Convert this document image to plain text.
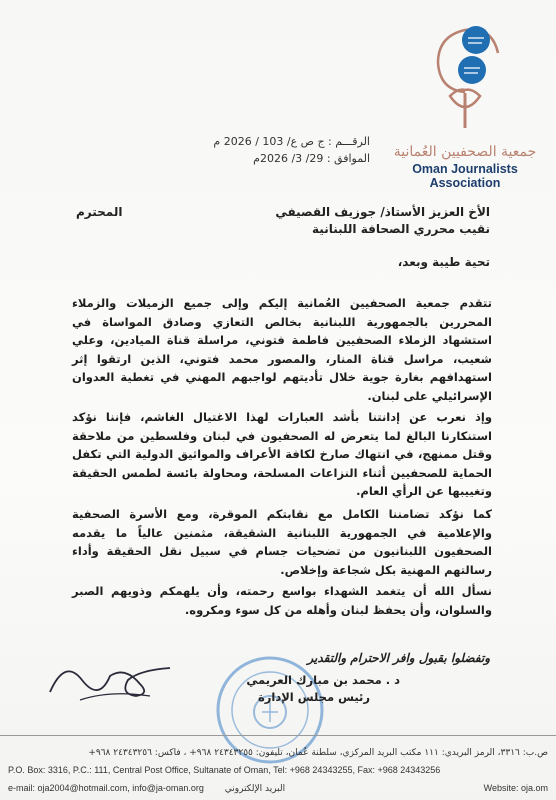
جمعية الصحفيين العُمانية
Oman Journalists Association
الرقـــم : ج ص ع/ 103 / 2026 م
الموافق : 29/ 3/ 2026م
الأخ العزيز الأستاذ/ جوزيف القصيفي
نقيب محرري الصحافة اللبنانية
المحترم
تحية طيبة وبعد،
تتقدم جمعية الصحفيين العُمانية إليكم وإلى جميع الزميلات والزملاء المحررين بالجمهورية اللبنانية بخالص التعازي وصادق المواساة في استشهاد الزملاء الصحفيين فاطمة فتوني، مراسلة قناة الميادين، وعلي شعيب، مراسل قناة المنار، والمصور محمد فتوني، الذين ارتقوا إثر استهدافهم بغارة جوية خلال تأديتهم لواجبهم المهني في تغطية العدوان الإسرائيلي على لبنان.
وإذ نعرب عن إدانتنا بأشد العبارات لهذا الاغتيال الغاشم، فإننا نؤكد استنكارنا البالغ لما يتعرض له الصحفيون في لبنان وفلسطين من ملاحقة وقتل ممنهج، في انتهاك صارخ لكافة الأعراف والمواثيق الدولية التي تكفل الحماية للصحفيين أثناء النزاعات المسلحة، ومحاولة بائسة لطمس الحقيقة وتغييبها عن الرأي العام.
كما نؤكد تضامننا الكامل مع نقابتكم الموقرة، ومع الأسرة الصحفية والإعلامية في الجمهورية اللبنانية الشقيقة، مثمنين عالياً ما يقدمه الصحفيون اللبنانيون من تضحيات جسام في سبيل نقل الحقيقة وأداء رسالتهم المهنية بكل شجاعة وإخلاص.
نسأل الله أن يتغمد الشهداء بواسع رحمته، وأن يلهمكم وذويهم الصبر والسلوان، وأن يحفظ لبنان وأهله من كل سوء ومكروه.
وتفضلوا بقبول وافر الاحترام والتقدير
د . محمد بن مبارك العريمي
رئيس مجلس الإدارة
ص.ب: ٣٣١٦، الرمز البريدي: ١١١ مكتب البريد المركزي، سلطنة عُمان، تليفون: ٢٤٣٤٣٢٥٥ ٩٦٨+ ، فاكس: ٢٤٣٤٣٢٥٦ ٩٦٨+
P.O. Box: 3316, P.C.: 111, Central Post Office, Sultanate of Oman, Tel: +968 24343255, Fax: +968 24343256
e-mail: oja2004@hotmail.com, info@ja-oman.org البريد الإلكتروني	Website: oja.om
